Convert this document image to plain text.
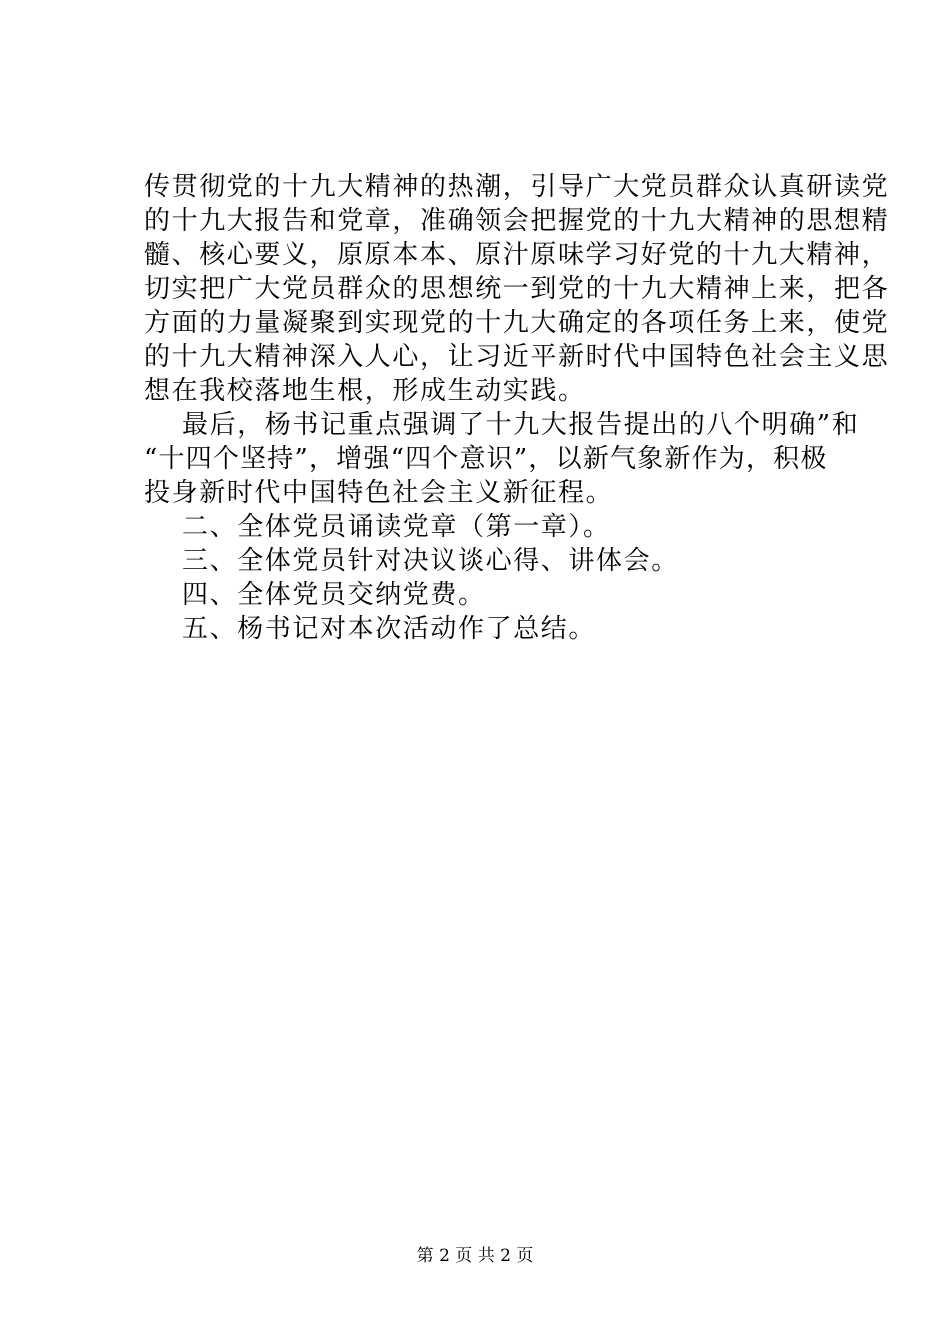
传贯彻党的十九大精神的热潮，引导广大党员群众认真研读党
的十九大报告和党章，准确领会把握党的十九大精神的思想精
髓、核心要义，原原本本、原汁原味学习好党的十九大精神，
切实把广大党员群众的思想统一到党的十九大精神上来，把各
方面的力量凝聚到实现党的十九大确定的各项任务上来，使党
的十九大精神深入人心，让习近平新时代中国特色社会主义思
想在我校落地生根，形成生动实践。
最后，杨书记重点强调了十九大报告提出的八个明确”和
“十四个坚持”，增强“四个意识”，以新气象新作为，积极
投身新时代中国特色社会主义新征程。
二、全体党员诵读党章（第一章）。
三、全体党员针对决议谈心得、讲体会。
四、全体党员交纳党费。
五、杨书记对本次活动作了总结。
第 2 页 共 2 页
